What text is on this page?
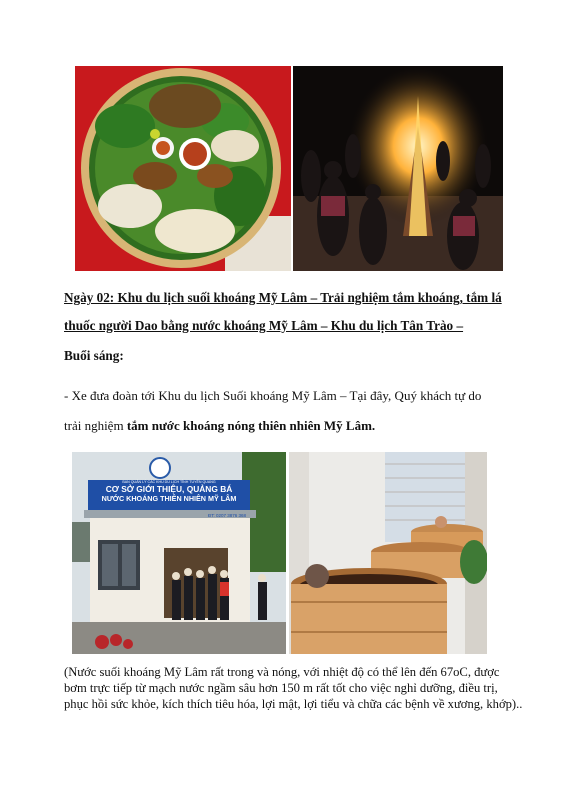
Ngày 02: Khu du lịch suối khoáng Mỹ Lâm – Trải nghiệm tắm khoáng, tắm lá
thuốc người Dao bằng nước khoáng Mỹ Lâm – Khu du lịch Tân Trào –
Buổi sáng:
- Xe đưa đoàn tới Khu du lịch Suối khoáng Mỹ Lâm – Tại đây, Quý khách tự do
trải nghiệm tắm nước khoáng nóng thiên nhiên Mỹ Lâm.
BAN QUẢN LÝ CÁC KHU DU LỊCH TỈNH TUYÊN QUANG
CƠ SỞ GIỚI THIỆU, QUẢNG BÁ
NƯỚC KHOÁNG THIÊN NHIÊN MỸ LÂM
ĐT: 0207 3876 368
(Nước suối khoáng Mỹ Lâm rất trong và nóng, với nhiệt độ có thể lên đến 67oC, được bơm trực tiếp từ mạch nước ngầm sâu hơn 150 m rất tốt cho việc nghỉ dưỡng, điều trị, phục hồi sức khỏe, kích thích tiêu hóa, lợi mật, lợi tiểu và chữa các bệnh về xương, khớp)..
